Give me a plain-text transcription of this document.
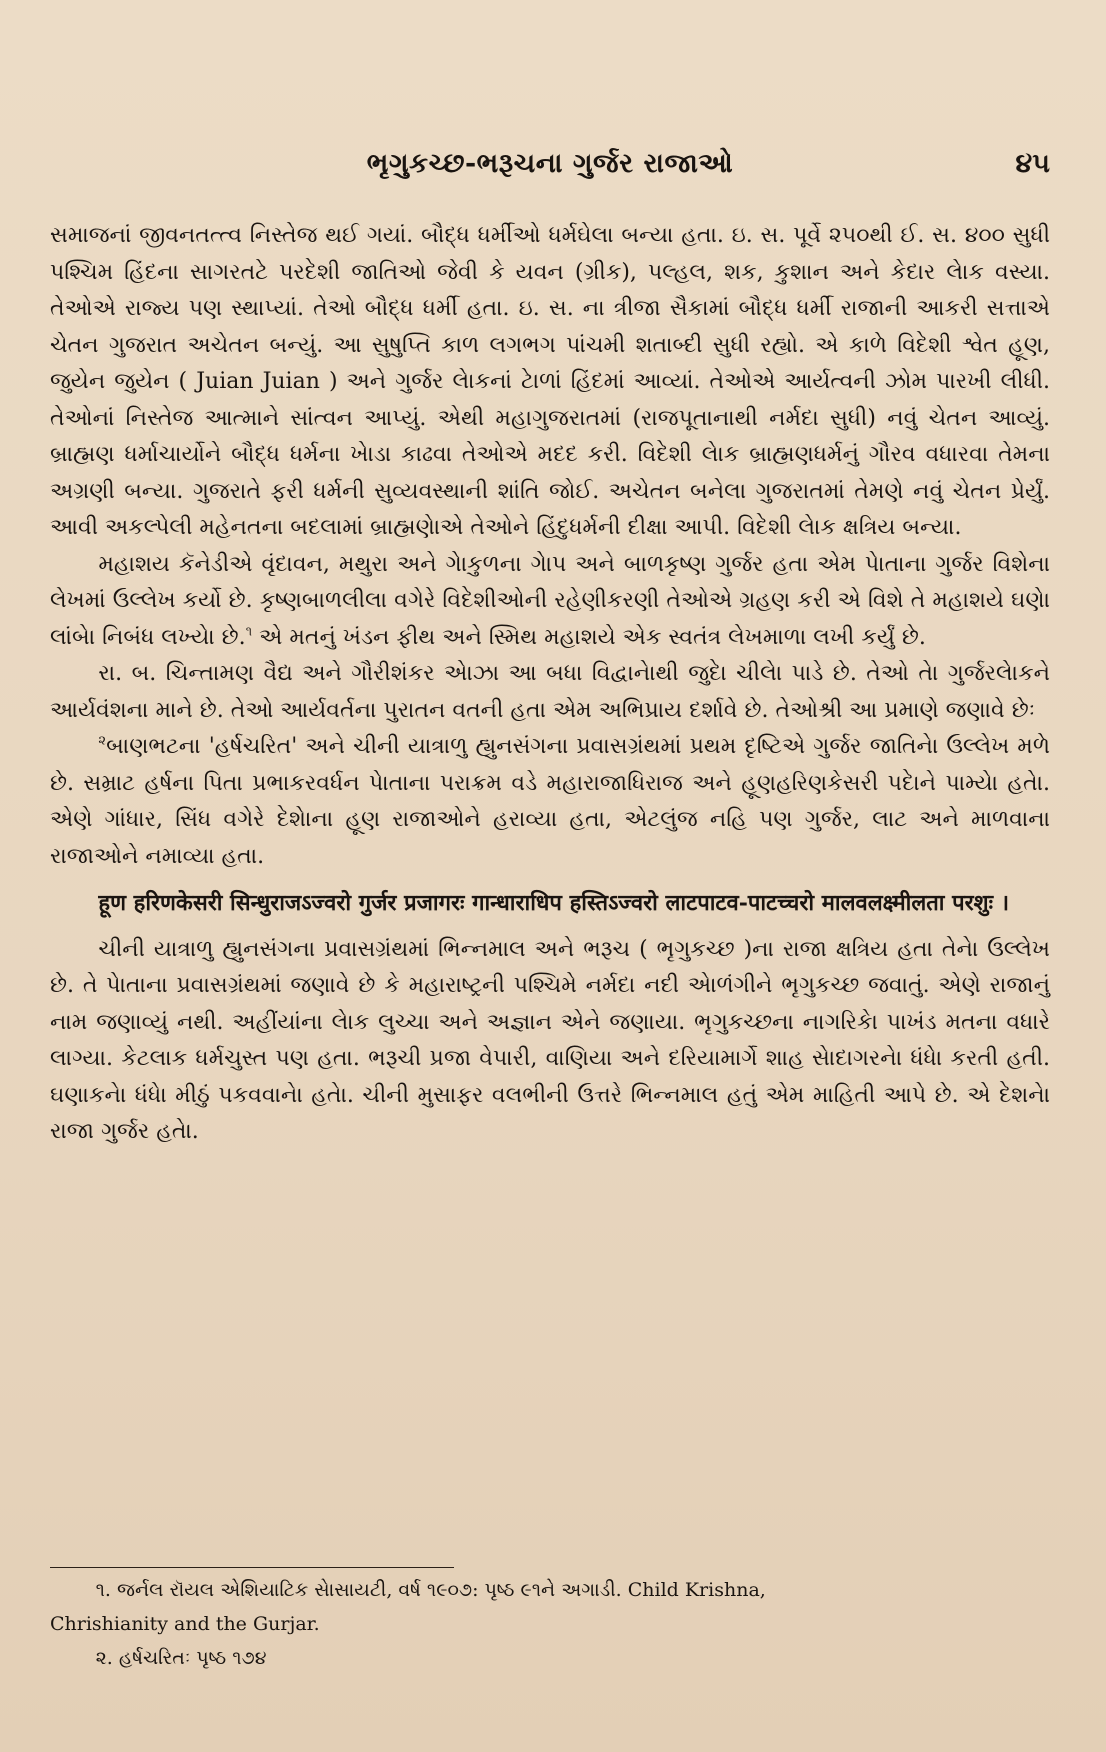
ભૃગુકચ્છ-ભરૂચના ગુર્જર રાજાઓ	૪૫

સમાજનાં જીવનતત્ત્વ નિસ્તેજ થઈ ગયાં. બૌદ્ધ ધર્મીઓ ધર્મઘેલા બન્યા હતા. ઇ. સ. પૂર્વે ૨૫૦થી ઈ. સ. ૪૦૦ સુધી પશ્ચિમ હિંદના સાગરતટે પરદેશી જાતિઓ જેવી કે યવન (ગ્રીક), પલ્હલ, શક, કુશાન અને કેદાર લેાક વસ્યા. તેઓએ રાજ્ય પણ સ્થાપ્યાં. તેઓ બૌદ્ધ ધર્મી હતા. ઇ. સ. ના ત્રીજા સૈકામાં બૌદ્ધ ધર્મી રાજાની આકરી સત્તાએ ચેતન ગુજરાત અચેતન બન્યું. આ સુષુપ્તિ કાળ લગભગ પાંચમી શતાબ્દી સુધી રહ્યો. એ કાળે વિદેશી શ્વેત હૂણ, જુયેન જુયેન ( Juian Juian ) અને ગુર્જર લેાકનાં ટેાળાં હિંદમાં આવ્યાં. તેઓએ આર્યત્વની ઝોમ પારખી લીધી. તેઓનાં નિસ્તેજ આત્માને સાંત્વન આપ્યું. એથી મહાગુજરાતમાં (રાજપૂતાનાથી નર્મદા સુધી) નવું ચેતન આવ્યું. બ્રાહ્મણ ધર્માચાર્યોને બૌદ્ધ ધર્મના ખેાડા કાઢવા તેઓએ મદદ કરી. વિદેશી લેાક બ્રાહ્મણધર્મનું ગૌરવ વધારવા તેમના અગ્રણી બન્યા. ગુજરાતે ફરી ધર્મની સુવ્યવસ્થાની શાંતિ જોઈ. અચેતન બનેલા ગુજરાતમાં તેમણે નવું ચેતન પ્રેર્યું. આવી અકલ્પેલી મહેનતના બદલામાં બ્રાહ્મણેાએ તેઓને હિંદુધર્મની દીક્ષા આપી. વિદેશી લેાક ક્ષત્રિય બન્યા.

મહાશય કૅનેડીએ વૃંદાવન, મથુરા અને ગેાકુળના ગેાપ અને બાળકૃષ્ણ ગુર્જર હતા એમ પેાતાના ગુર્જર વિશેના લેખમાં ઉલ્લેખ કર્યો છે. કૃષ્ણબાળલીલા વગેરે વિદેશીઓની રહેણીકરણી તેઓએ ગ્રહણ કરી એ વિશે તે મહાશયે ઘણેા લાંબેા નિબંધ લખ્યેા છે.$^૧$ એ મતનું ખંડન ફીથ અને સ્મિથ મહાશયે એક સ્વતંત્ર લેખમાળા લખી કર્યું છે.

રા. બ. ચિન્તામણ વૈદ્ય અને ગૌરીશંકર એાઝા આ બધા વિદ્વાનેાથી જુદેા ચીલેા પાડે છે. તેઓ તેા ગુર્જરલેાકને આર્યવંશના માને છે. તેઓ આર્યવર્તના પુરાતન વતની હતા એમ અભિપ્રાય દર્શાવે છે. તેઓશ્રી આ પ્રમાણે જણાવે છેઃ

$^૨$બાણભટના 'હર્ષચરિત' અને ચીની યાત્રાળુ હ્યુનસંગના પ્રવાસગ્રંથમાં પ્રથમ દૃષ્ટિએ ગુર્જર જાતિનેા ઉલ્લેખ મળે છે. સમ્રાટ હર્ષના પિતા પ્રભાકરવર્ધન પેાતાના પરાક્રમ વડે મહારાજાધિરાજ અને હૂણહરિણકેસરી પદેાને પામ્યેા હતેા. એણે ગાંધાર, સિંધ વગેરે દેશેાના હૂણ રાજાઓને હરાવ્યા હતા, એટલુંજ નહિ પણ ગુર્જર, લાટ અને માળવાના રાજાઓને નમાવ્યા હતા.

हूण हरिणकेसरी सिन्धुराजऽज्वरो गुर्जर प्रजागरः गान्धाराधिप हस्तिऽज्वरो लाटपाटव-पाटच्चरो मालवलक्ष्मीलता परशुः ।

ચીની યાત્રાળુ હ્યુનસંગના પ્રવાસગ્રંથમાં ભિન્નમાલ અને ભરૂચ ( ભૃગુકચ્છ )ના રાજા ક્ષત્રિય હતા તેનેા ઉલ્લેખ છે. તે પેાતાના પ્રવાસગ્રંથમાં જણાવે છે કે મહારાષ્ટ્રની પશ્ચિમે નર્મદા નદી એાળંગીને ભૃગુકચ્છ જવાતું. એણે રાજાનું નામ જણાવ્યું નથી. અહીંયાંના લેાક લુચ્ચા અને અજ્ઞાન એને જણાયા. ભૃગુકચ્છના નાગરિકેા પાખંડ મતના વધારે લાગ્યા. કેટલાક ધર્મચુસ્ત પણ હતા. ભરૂચી પ્રજા વેપારી, વાણિયા અને દરિયામાર્ગે શાહ સેાદાગરનેા ધંધેા કરતી હતી. ઘણાકનેા ધંધેા મીઠું પકવવાનેા હતેા. ચીની મુસાફર વલભીની ઉત્તરે ભિન્નમાલ હતું એમ માહિતી આપે છે. એ દેશનેા રાજા ગુર્જર હતેા.

૧. જર્નલ રૉયલ એશિયાટિક સેાસાયટી, વર્ષ ૧૯૦૭: પૃષ્ઠ ૯૧ને અગાડી. Child Krishna,

Chrishianity and the Gurjar.

૨. હર્ષચરિતઃ પૃષ્ઠ ૧૭૪
